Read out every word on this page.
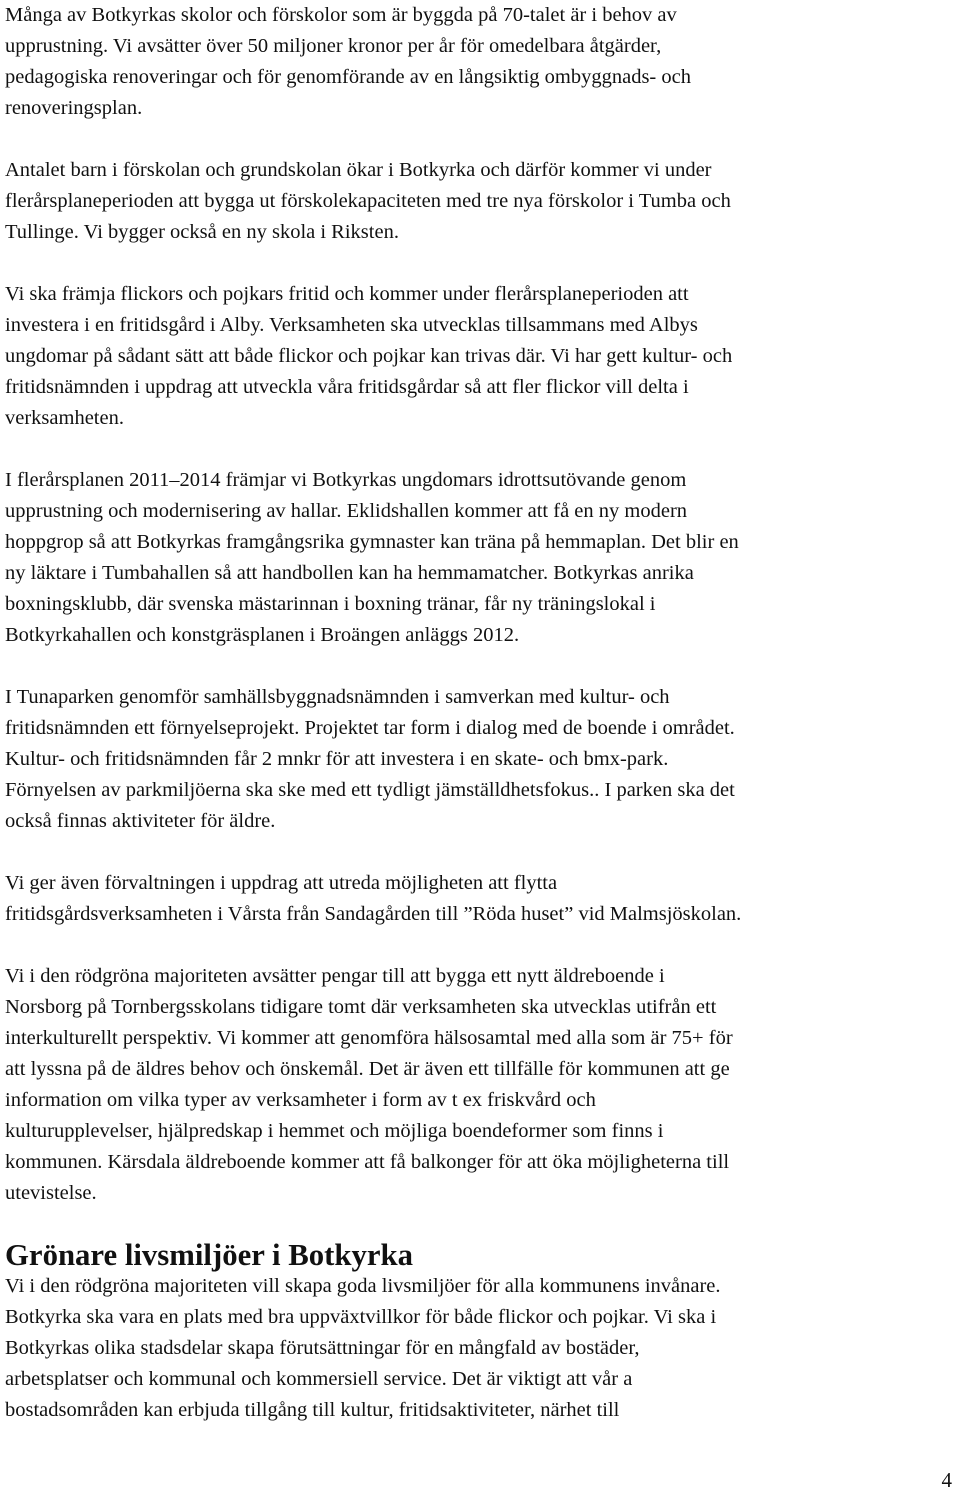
Många av Botkyrkas skolor och förskolor som är byggda på 70-talet är i behov av
upprustning. Vi avsätter över 50 miljoner kronor per år för omedelbara åtgärder,
pedagogiska renoveringar och för genomförande av en långsiktig ombyggnads- och
renoveringsplan.

Antalet barn i förskolan och grundskolan ökar i Botkyrka och därför kommer vi under
flerårsplaneperioden att bygga ut förskolekapaciteten med tre nya förskolor i Tumba och
Tullinge. Vi bygger också en ny skola i Riksten.

Vi ska främja flickors och pojkars fritid och kommer under flerårsplaneperioden att
investera i en fritidsgård i Alby. Verksamheten ska utvecklas tillsammans med Albys
ungdomar på sådant sätt att både flickor och pojkar kan trivas där. Vi har gett kultur- och
fritidsnämnden i uppdrag att utveckla våra fritidsgårdar så att fler flickor vill delta i
verksamheten.

I flerårsplanen 2011–2014 främjar vi Botkyrkas ungdomars idrottsutövande genom
upprustning och modernisering av hallar. Eklidshallen kommer att få en ny modern
hoppgrop så att Botkyrkas framgångsrika gymnaster kan träna på hemmaplan. Det blir en
ny läktare i Tumbahallen så att handbollen kan ha hemmamatcher. Botkyrkas anrika
boxningsklubb, där svenska mästarinnan i boxning tränar, får ny träningslokal i
Botkyrkahallen och konstgräsplanen i Broängen anläggs 2012.

I Tunaparken genomför samhällsbyggnadsnämnden i samverkan med kultur- och
fritidsnämnden ett förnyelseprojekt. Projektet tar form i dialog med de boende i området.
Kultur- och fritidsnämnden får 2 mnkr för att investera i en skate- och bmx-park.
Förnyelsen av parkmiljöerna ska ske med ett tydligt jämställdhetsfokus.. I parken ska det
också finnas aktiviteter för äldre.

Vi ger även förvaltningen i uppdrag att utreda möjligheten att flytta
fritidsgårdsverksamheten i Vårsta från Sandagården till ”Röda huset” vid Malmsjöskolan.

Vi i den rödgröna majoriteten avsätter pengar till att bygga ett nytt äldreboende i
Norsborg på Tornbergsskolans tidigare tomt där verksamheten ska utvecklas utifrån ett
interkulturellt perspektiv. Vi kommer att genomföra hälsosamtal med alla som är 75+ för
att lyssna på de äldres behov och önskemål. Det är även ett tillfälle för kommunen att ge
information om vilka typer av verksamheter i form av t ex friskvård och
kulturupplevelser, hjälpredskap i hemmet och möjliga boendeformer som finns i
kommunen. Kärsdala äldreboende kommer att få balkonger för att öka möjligheterna till
utevistelse.

Grönare livsmiljöer i Botkyrka

Vi i den rödgröna majoriteten vill skapa goda livsmiljöer för alla kommunens invånare.
Botkyrka ska vara en plats med bra uppväxtvillkor för både flickor och pojkar. Vi ska i
Botkyrkas olika stadsdelar skapa förutsättningar för en mångfald av bostäder,
arbetsplatser och kommunal och kommersiell service. Det är viktigt att vår a
bostadsområden kan erbjuda tillgång till kultur, fritidsaktiviteter, närhet till

4
